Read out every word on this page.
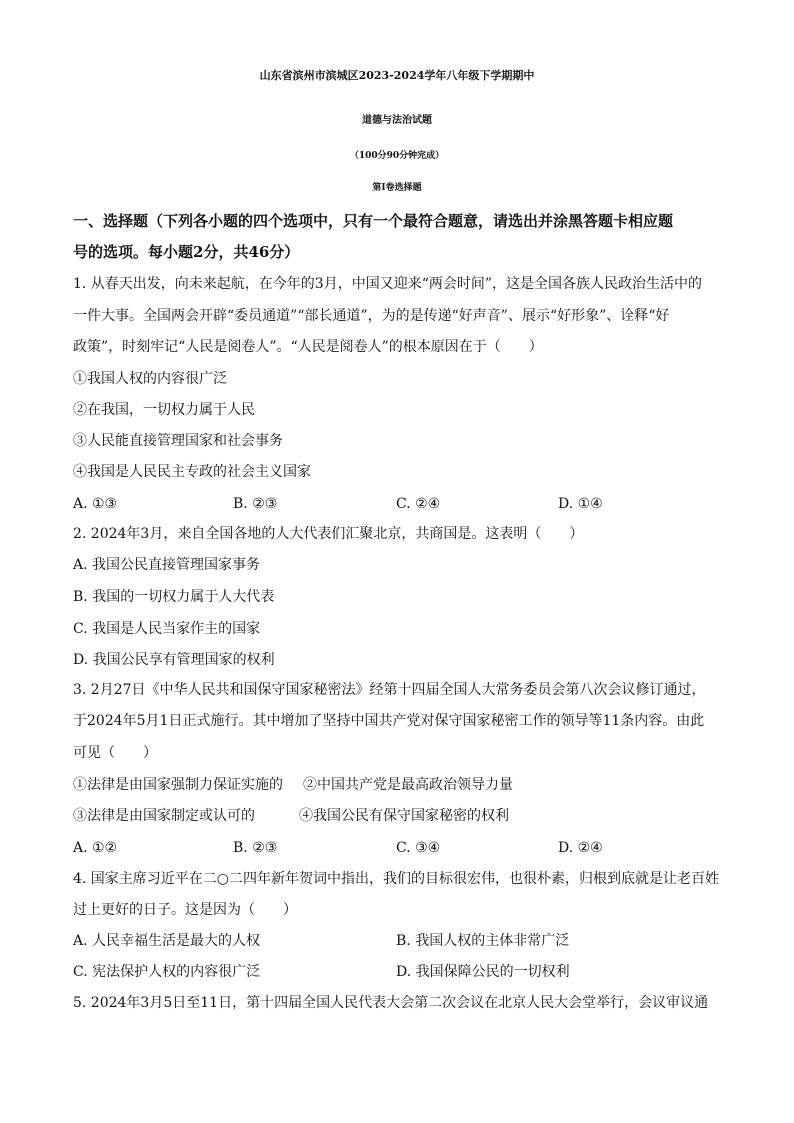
山东省滨州市滨城区2023-2024学年八年级下学期期中
道德与法治试题
（100分90分钟完成）
第Ⅰ卷选择题
一、选择题（下列各小题的四个选项中，只有一个最符合题意，请选出并涂黑答题卡相应题
号的选项。每小题2分，共46分）
1. 从春天出发，向未来起航，在今年的3月，中国又迎来“两会时间”，这是全国各族人民政治生活中的
一件大事。全国两会开辟“委员通道”“部长通道”，为的是传递“好声音”、展示“好形象”、诠释“好
政策”，时刻牢记“人民是阅卷人”。“人民是阅卷人”的根本原因在于（　　）
①我国人权的内容很广泛
②在我国，一切权力属于人民
③人民能直接管理国家和社会事务
④我国是人民民主专政的社会主义国家
A. ①③	B. ②③	C. ②④	D. ①④
2. 2024年3月，来自全国各地的人大代表们汇聚北京，共商国是。这表明（　　）
A. 我国公民直接管理国家事务
B. 我国的一切权力属于人大代表
C. 我国是人民当家作主的国家
D. 我国公民享有管理国家的权利
3. 2月27日《中华人民共和国保守国家秘密法》经第十四届全国人大常务委员会第八次会议修订通过，
于2024年5月1日正式施行。其中增加了坚持中国共产党对保守国家秘密工作的领导等11条内容。由此
可见（　　）
①法律是由国家强制力保证实施的 ②中国共产党是最高政治领导力量
③法律是由国家制定或认可的	④我国公民有保守国家秘密的权利
A. ①②	B. ②③	C. ③④	D. ②④
4. 国家主席习近平在二○二四年新年贺词中指出，我们的目标很宏伟，也很朴素，归根到底就是让老百姓
过上更好的日子。这是因为（　　）
A. 人民幸福生活是最大的人权	B. 我国人权的主体非常广泛
C. 宪法保护人权的内容很广泛	D. 我国保障公民的一切权利
5. 2024年3月5日至11日，第十四届全国人民代表大会第二次会议在北京人民大会堂举行，会议审议通
